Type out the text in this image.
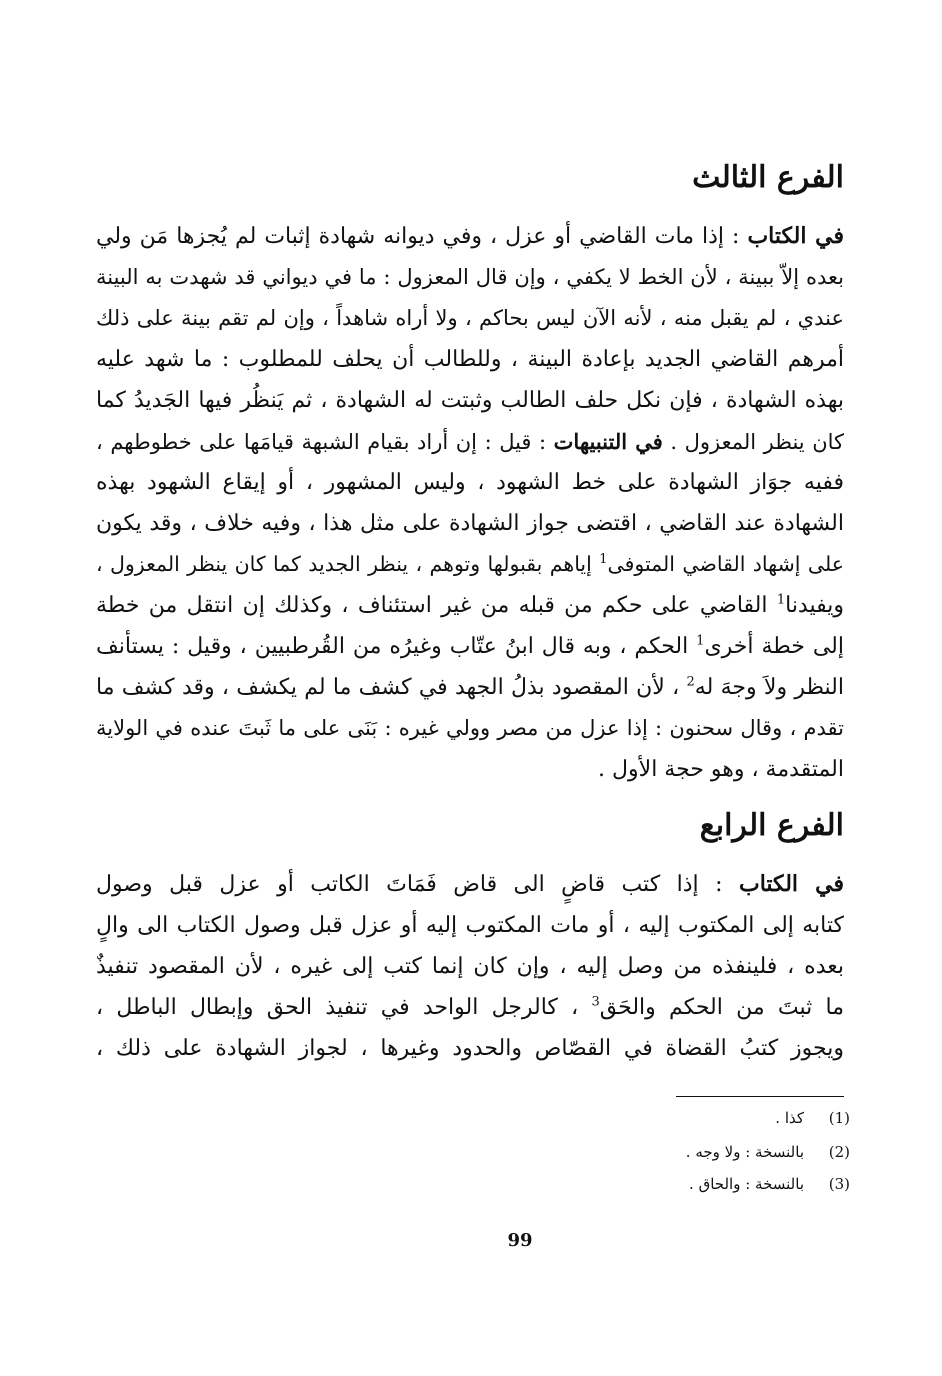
الفرع الثالث
في الكتاب : إذا مات القاضي أو عزل ، وفي ديوانه شهادة إثبات لم يُجزها مَن ولي
بعده إلاّ ببينة ، لأن الخط لا يكفي ، وإن قال المعزول : ما في ديواني قد شهدت به البينة
عندي ، لم يقبل منه ، لأنه الآن ليس بحاكم ، ولا أراه شاهداً ، وإن لم تقم بينة على ذلك
أمرهم القاضي الجديد بإعادة البينة ، وللطالب أن يحلف للمطلوب : ما شهد عليه
بهذه الشهادة ، فإن نكل حلف الطالب وثبتت له الشهادة ، ثم يَنظُر فيها الجَديدُ كما
كان ينظر المعزول . في التنبيهات : قيل : إن أراد بقيام الشبهة قيامَها على خطوطهم ،
ففيه جوَاز الشهادة على خط الشهود ، وليس المشهور ، أو إيقاع الشهود بهذه
الشهادة عند القاضي ، اقتضى جواز الشهادة على مثل هذا ، وفيه خلاف ، وقد يكون
على إشهاد القاضي المتوفى$^1$ إياهم بقبولها وتوهم ، ينظر الجديد كما كان ينظر المعزول ،
ويفيدنا$^1$ القاضي على حكم من قبله من غير استئناف ، وكذلك إن انتقل من خطة
إلى خطة أخرى$^1$ الحكم ، وبه قال ابنُ عتّاب وغيرُه من القُرطبيين ، وقيل : يستأنف
النظر ولاَ وجهَ له$^2$ ، لأن المقصود بذلُ الجهد في كشف ما لم يكشف ، وقد كشف ما
تقدم ، وقال سحنون : إذا عزل من مصر وولي غيره : بَنَى على ما ثَبتَ عنده في الولاية
المتقدمة ، وهو حجة الأول .
الفرع الرابع
في الكتاب : إذا كتب قاضٍ الى قاض فَمَاتَ الكاتب أو عزل قبل وصول
كتابه إلى المكتوب إليه ، أو مات المكتوب إليه أو عزل قبل وصول الكتاب الى والٍ
بعده ، فلينفذه من وصل إليه ، وإن كان إنما كتب إلى غيره ، لأن المقصود تنفيذٌ
ما ثبتَ من الحكم والحَق$^3$ ، كالرجل الواحد في تنفيذ الحق وإبطال الباطل ،
ويجوز كتبُ القضاة في القصّاص والحدود وغيرها ، لجواز الشهادة على ذلك ،
(1)كذا .
(2)بالنسخة : ولا وجه .
(3)بالنسخة : والحاق .
99
